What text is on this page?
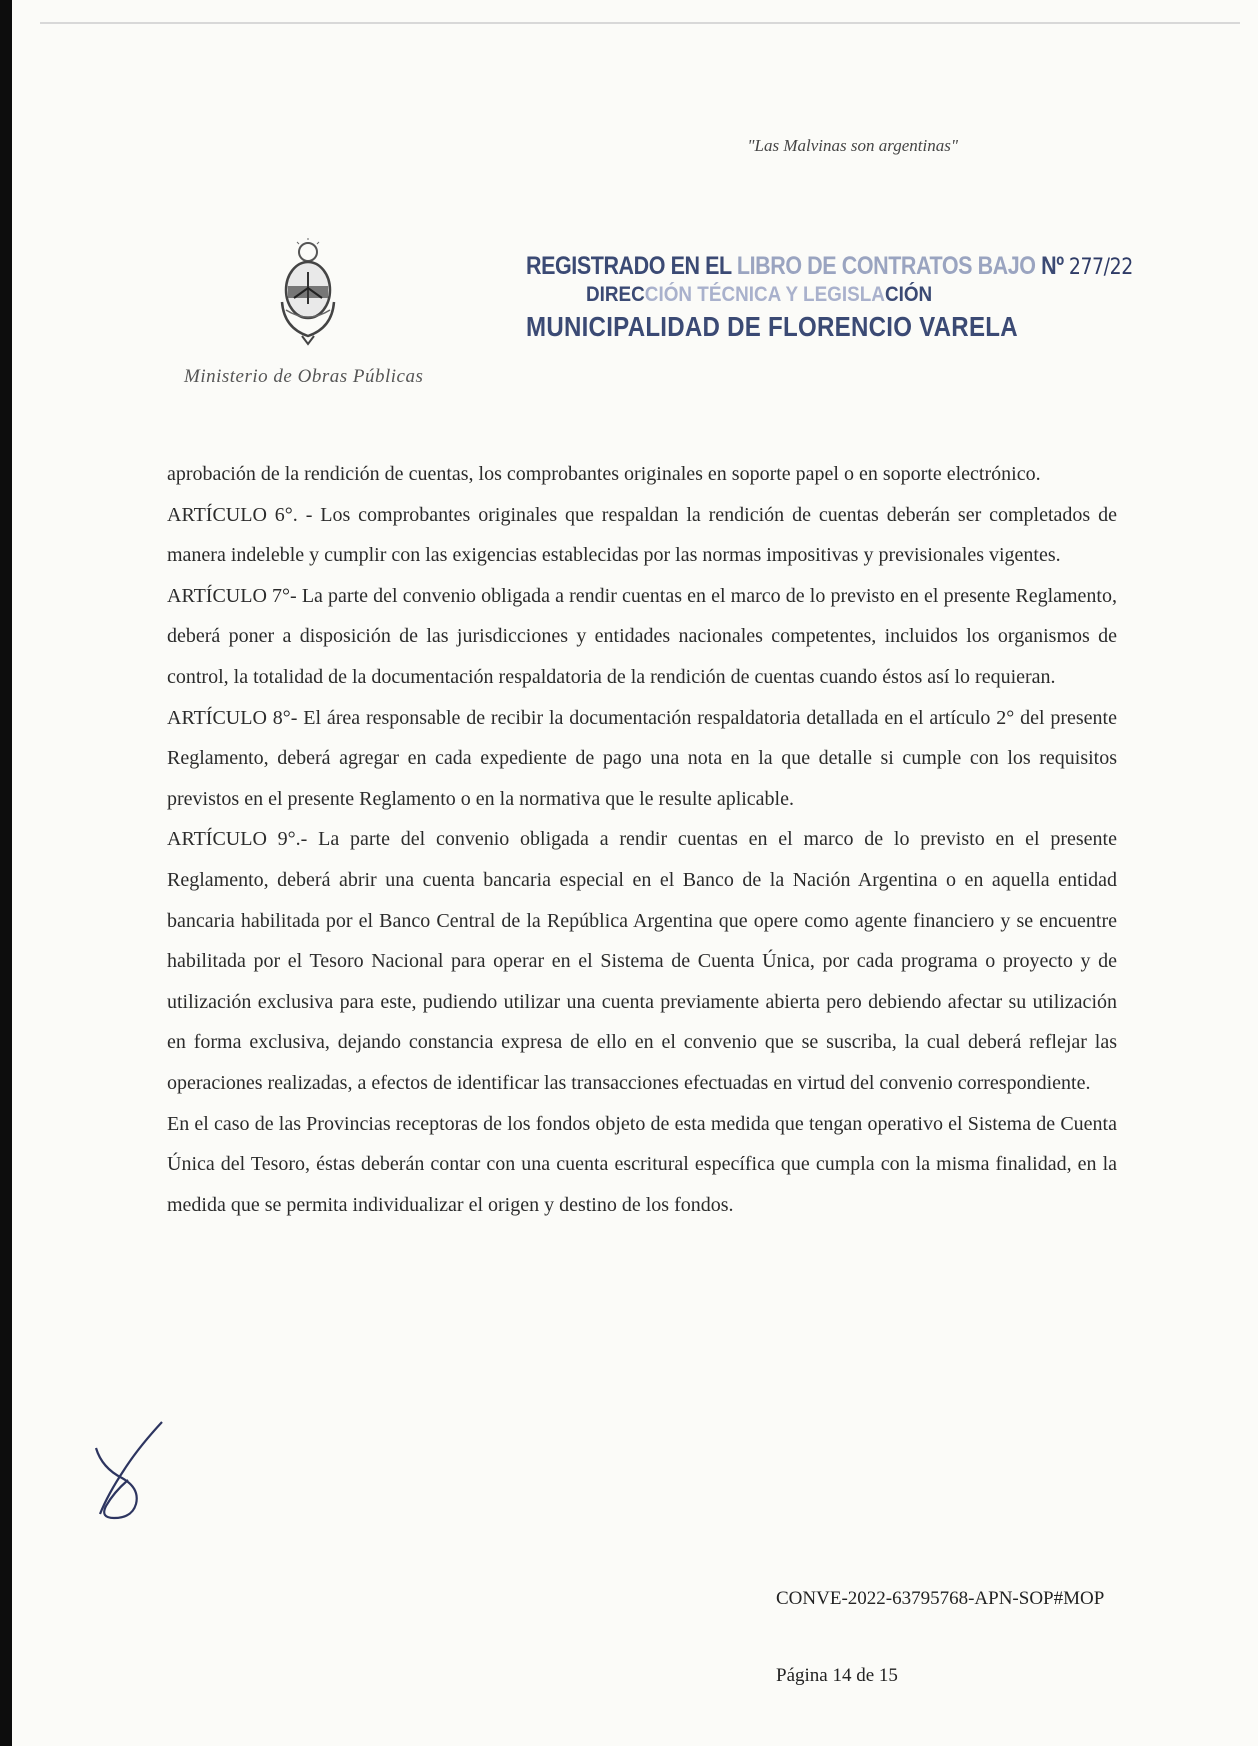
"Las Malvinas son argentinas"
Ministerio de Obras Públicas
REGISTRADO EN EL LIBRO DE CONTRATOS BAJO Nº 277/22
DIRECCIÓN TÉCNICA Y LEGISLACIÓN
MUNICIPALIDAD DE FLORENCIO VARELA

aprobación de la rendición de cuentas, los comprobantes originales en soporte papel o en soporte electrónico.

ARTÍCULO 6°. - Los comprobantes originales que respaldan la rendición de cuentas deberán ser completados de manera indeleble y cumplir con las exigencias establecidas por las normas impositivas y previsionales vigentes.

ARTÍCULO 7°- La parte del convenio obligada a rendir cuentas en el marco de lo previsto en el presente Reglamento, deberá poner a disposición de las jurisdicciones y entidades nacionales competentes, incluidos los organismos de control, la totalidad de la documentación respaldatoria de la rendición de cuentas cuando éstos así lo requieran.

ARTÍCULO 8°- El área responsable de recibir la documentación respaldatoria detallada en el artículo 2° del presente Reglamento, deberá agregar en cada expediente de pago una nota en la que detalle si cumple con los requisitos previstos en el presente Reglamento o en la normativa que le resulte aplicable.

ARTÍCULO 9°.- La parte del convenio obligada a rendir cuentas en el marco de lo previsto en el presente Reglamento, deberá abrir una cuenta bancaria especial en el Banco de la Nación Argentina o en aquella entidad bancaria habilitada por el Banco Central de la República Argentina que opere como agente financiero y se encuentre habilitada por el Tesoro Nacional para operar en el Sistema de Cuenta Única, por cada programa o proyecto y de utilización exclusiva para este, pudiendo utilizar una cuenta previamente abierta pero debiendo afectar su utilización en forma exclusiva, dejando constancia expresa de ello en el convenio que se suscriba, la cual deberá reflejar las operaciones realizadas, a efectos de identificar las transacciones efectuadas en virtud del convenio correspondiente.

En el caso de las Provincias receptoras de los fondos objeto de esta medida que tengan operativo el Sistema de Cuenta Única del Tesoro, éstas deberán contar con una cuenta escritural específica que cumpla con la misma finalidad, en la medida que se permita individualizar el origen y destino de los fondos.

CONVE-2022-63795768-APN-SOP#MOP
Página 14 de 15
